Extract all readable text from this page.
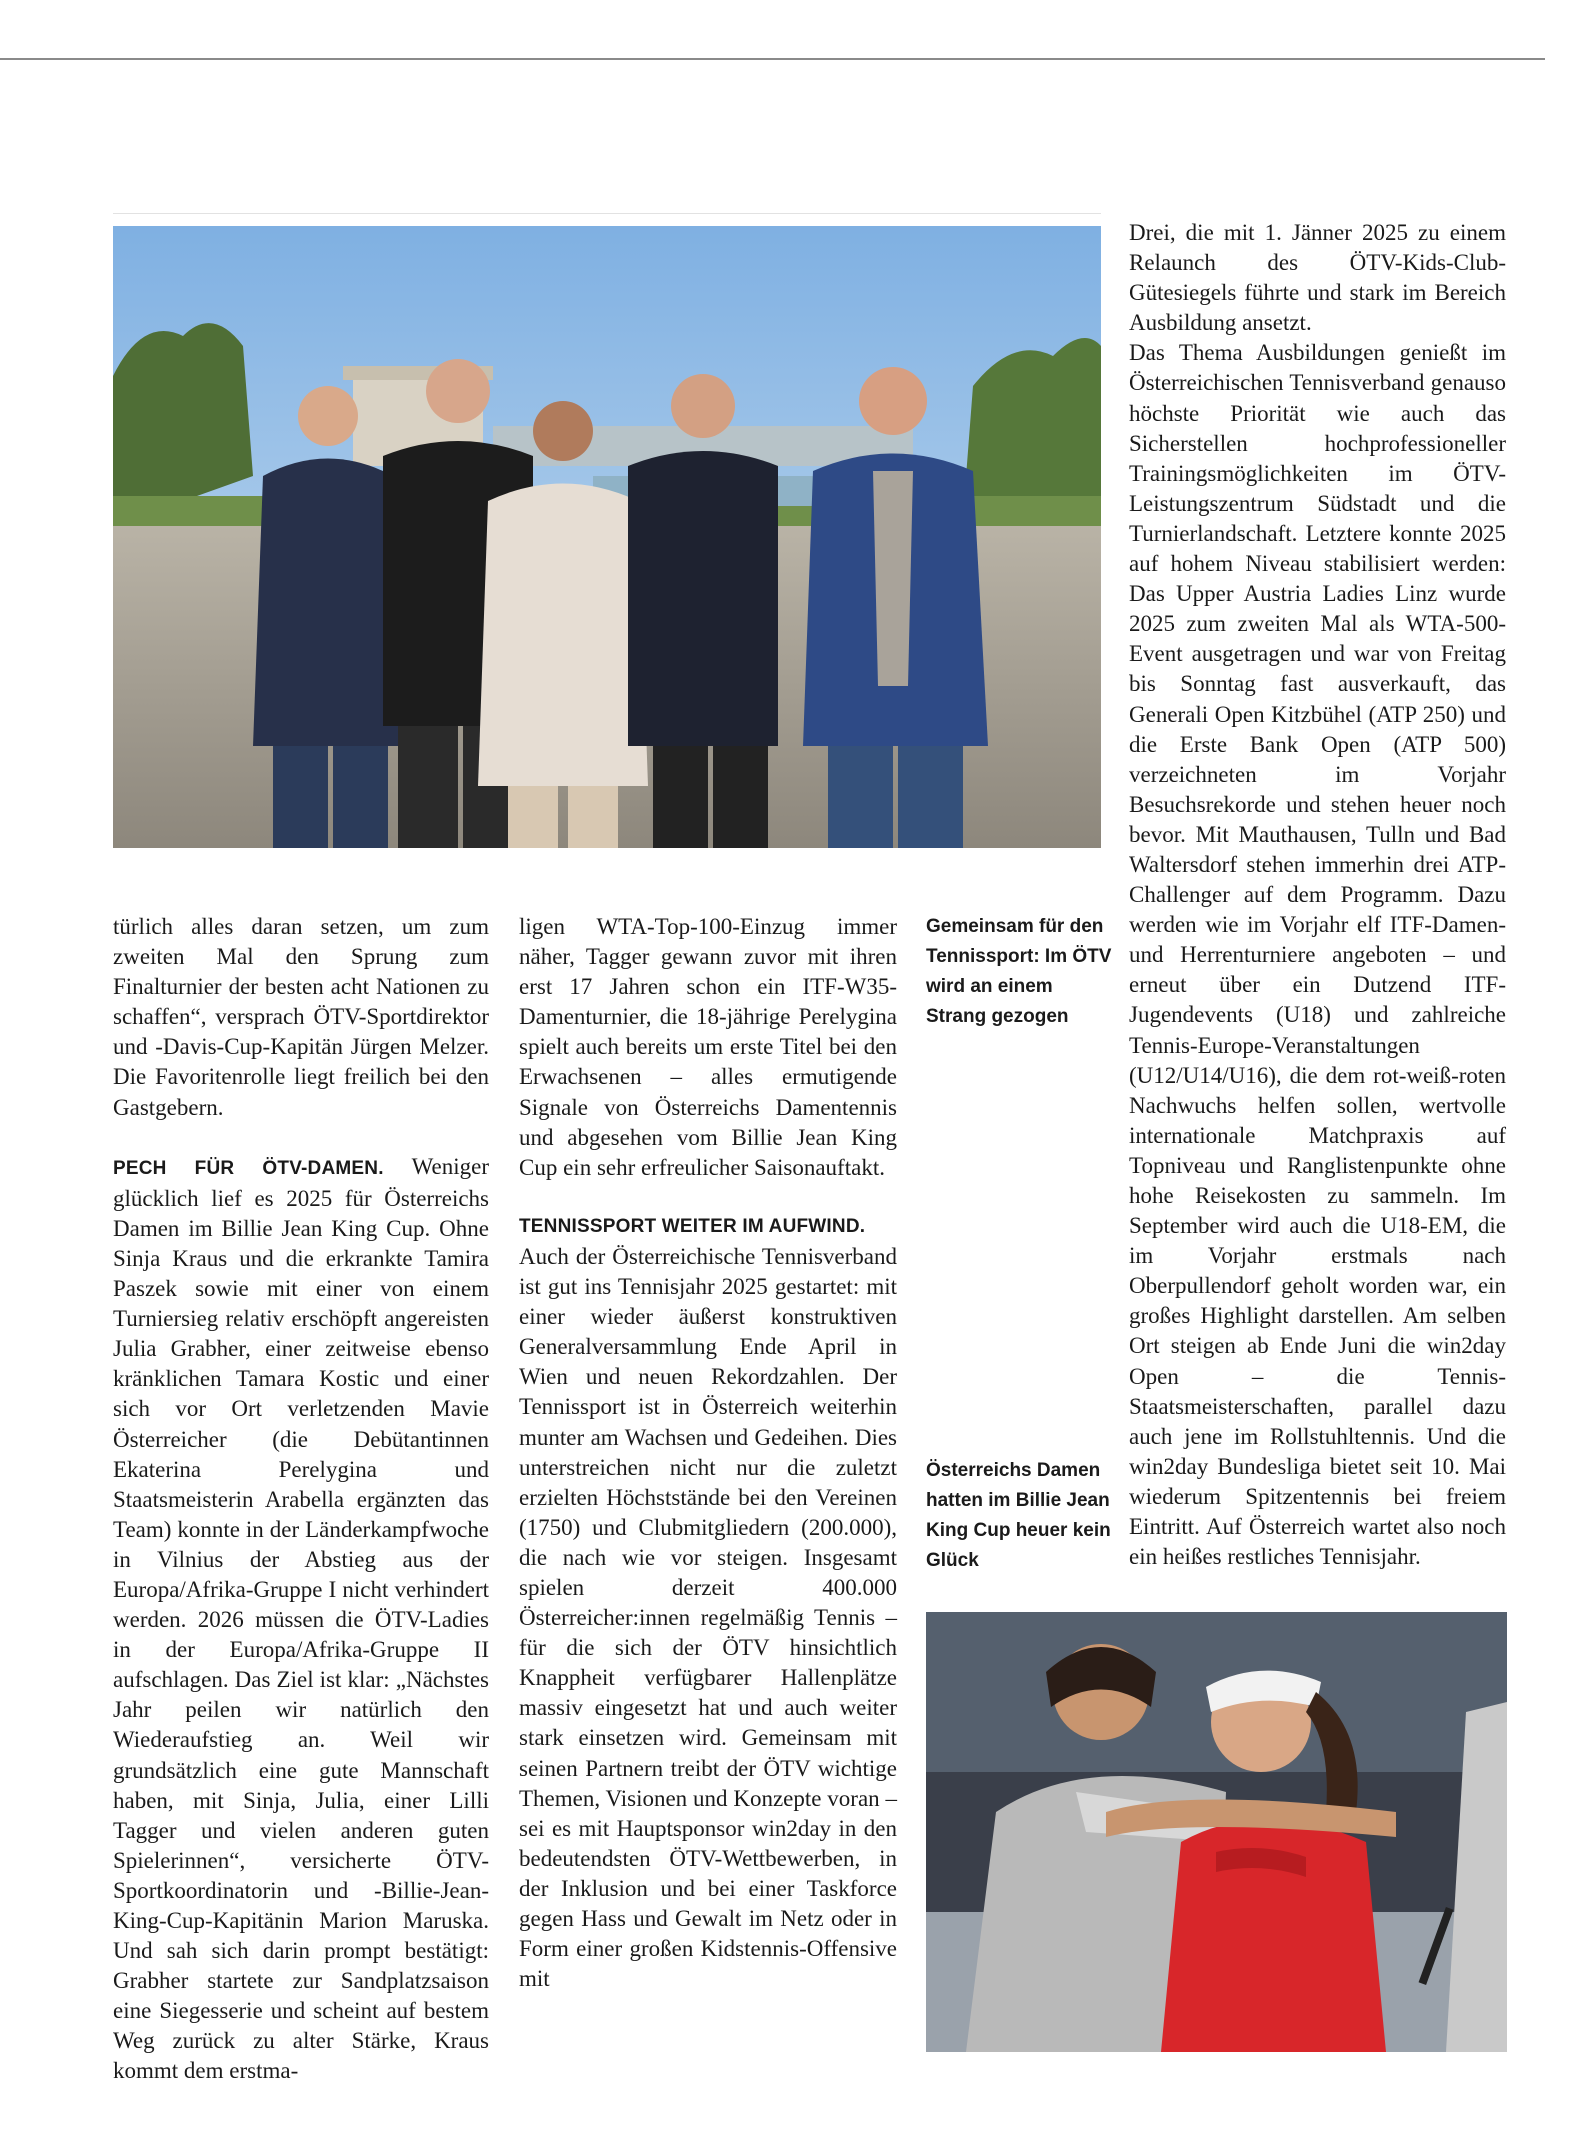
türlich alles daran setzen, um zum zweiten Mal den Sprung zum Finalturnier der besten acht Nationen zu schaffen“, versprach ÖTV-Sportdirektor und -Davis-Cup-Kapitän Jürgen Melzer. Die Favoritenrolle liegt freilich bei den Gastgebern.

PECH FÜR ÖTV-DAMEN. Weniger glücklich lief es 2025 für Österreichs Damen im Billie Jean King Cup. Ohne Sinja Kraus und die erkrankte Tamira Paszek sowie mit einer von einem Turniersieg relativ erschöpft angereisten Julia Grabher, einer zeitweise ebenso kränklichen Tamara Kostic und einer sich vor Ort verletzenden Mavie Österreicher (die Debütantinnen Ekaterina Perelygina und Staatsmeisterin Arabella ergänzten das Team) konnte in der Länderkampfwoche in Vilnius der Abstieg aus der Europa/Afrika-Gruppe I nicht verhindert werden. 2026 müssen die ÖTV-Ladies in der Europa/Afrika-Gruppe II aufschlagen. Das Ziel ist klar: „Nächstes Jahr peilen wir natürlich den Wiederaufstieg an. Weil wir grundsätzlich eine gute Mannschaft haben, mit Sinja, Julia, einer Lilli Tagger und vielen anderen guten Spielerinnen“, versicherte ÖTV-Sportkoordinatorin und -Billie-Jean-King-Cup-Kapitänin Marion Maruska. Und sah sich darin prompt bestätigt: Grabher startete zur Sandplatzsaison eine Siegesserie und scheint auf bestem Weg zurück zu alter Stärke, Kraus kommt dem erstma-

ligen WTA-Top-100-Einzug immer näher, Tagger gewann zuvor mit ihren erst 17 Jahren schon ein ITF-W35-Damenturnier, die 18-jährige Perelygina spielt auch bereits um erste Titel bei den Erwachsenen – alles ermutigende Signale von Österreichs Damentennis und abgesehen vom Billie Jean King Cup ein sehr erfreulicher Saisonauftakt.

TENNISSPORT WEITER IM AUFWIND.

Auch der Österreichische Tennisverband ist gut ins Tennisjahr 2025 gestartet: mit einer wieder äußerst konstruktiven Generalversammlung Ende April in Wien und neuen Rekordzahlen. Der Tennissport ist in Österreich weiterhin munter am Wachsen und Gedeihen. Dies unterstreichen nicht nur die zuletzt erzielten Höchststände bei den Vereinen (1750) und Clubmitgliedern (200.000), die nach wie vor steigen. Insgesamt spielen derzeit 400.000 Österreicher:innen regelmäßig Tennis – für die sich der ÖTV hinsichtlich Knappheit verfügbarer Hallenplätze massiv eingesetzt hat und auch weiter stark einsetzen wird. Gemeinsam mit seinen Partnern treibt der ÖTV wichtige Themen, Visionen und Konzepte voran – sei es mit Hauptsponsor win2day in den bedeutendsten ÖTV-Wettbewerben, in der Inklusion und bei einer Taskforce gegen Hass und Gewalt im Netz oder in Form einer großen Kidstennis-Offensive mit

Gemeinsam für den Tennissport: Im ÖTV wird an einem Strang gezogen
Österreichs Damen hatten im Billie Jean King Cup heuer kein Glück

Drei, die mit 1. Jänner 2025 zu einem Relaunch des ÖTV-Kids-Club-Gütesiegels führte und stark im Bereich Ausbildung ansetzt.

Das Thema Ausbildungen genießt im Österreichischen Tennisverband genauso höchste Priorität wie auch das Sicherstellen hochprofessioneller Trainingsmöglichkeiten im ÖTV-Leistungszentrum Südstadt und die Turnierlandschaft. Letztere konnte 2025 auf hohem Niveau stabilisiert werden: Das Upper Austria Ladies Linz wurde 2025 zum zweiten Mal als WTA-500-Event ausgetragen und war von Freitag bis Sonntag fast ausverkauft, das Generali Open Kitzbühel (ATP 250) und die Erste Bank Open (ATP 500) verzeichneten im Vorjahr Besuchsrekorde und stehen heuer noch bevor. Mit Mauthausen, Tulln und Bad Waltersdorf stehen immerhin drei ATP-Challenger auf dem Programm. Dazu werden wie im Vorjahr elf ITF-Damen- und Herrenturniere angeboten – und erneut über ein Dutzend ITF-Jugendevents (U18) und zahlreiche Tennis-Europe-Veranstaltungen (U12/U14/U16), die dem rot-weiß-roten Nachwuchs helfen sollen, wertvolle internationale Matchpraxis auf Topniveau und Ranglistenpunkte ohne hohe Reisekosten zu sammeln. Im September wird auch die U18-EM, die im Vorjahr erstmals nach Oberpullendorf geholt worden war, ein großes Highlight darstellen. Am selben Ort steigen ab Ende Juni die win2day Open – die Tennis-Staatsmeisterschaften, parallel dazu auch jene im Rollstuhltennis. Und die win2day Bundesliga bietet seit 10. Mai wiederum Spitzentennis bei freiem Eintritt. Auf Österreich wartet also noch ein heißes restliches Tennisjahr.
